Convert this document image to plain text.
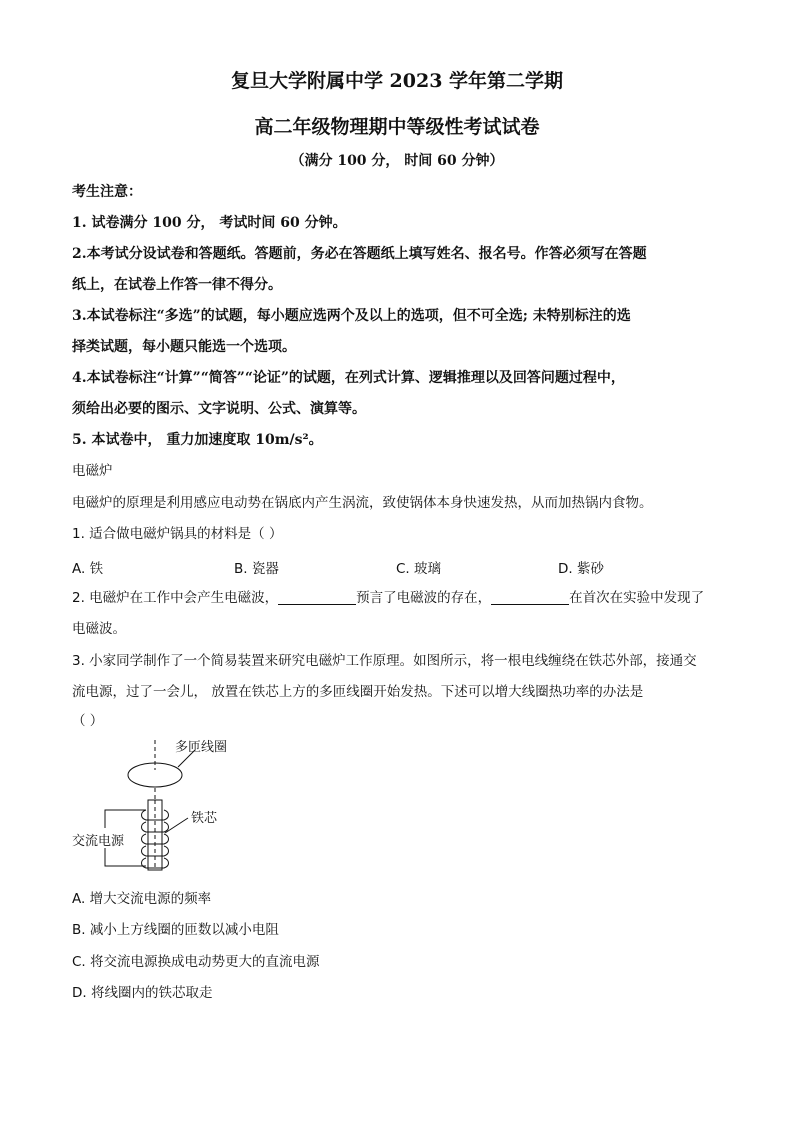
复旦大学附属中学 2023 学年第二学期
高二年级物理期中等级性考试试卷
（满分 100 分， 时间 60 分钟）
考生注意：
1. 试卷满分 100 分， 考试时间 60 分钟。
2.本考试分设试卷和答题纸。答题前，务必在答题纸上填写姓名、报名号。作答必须写在答题
纸上，在试卷上作答一律不得分。
3.本试卷标注“多选”的试题，每小题应选两个及以上的选项，但不可全选; 未特别标注的选
择类试题，每小题只能选一个选项。
4.本试卷标注“计算”“简答”“论证”的试题，在列式计算、逻辑推理以及回答问题过程中，
须给出必要的图示、文字说明、公式、演算等。
5. 本试卷中， 重力加速度取 10m/s²。
电磁炉
电磁炉的原理是利用感应电动势在锅底内产生涡流，致使锅体本身快速发热，从而加热锅内食物。
1. 适合做电磁炉锅具的材料是（ ）
A. 铁	B. 瓷器	C. 玻璃	D. 紫砂
2. 电磁炉在工作中会产生电磁波，	预言了电磁波的存在，	在首次在实验中发现了
电磁波。
3. 小家同学制作了一个简易装置来研究电磁炉工作原理。如图所示，将一根电线缠绕在铁芯外部，接通交
流电源，过了一会儿， 放置在铁芯上方的多匝线圈开始发热。下述可以增大线圈热功率的办法是
（ ）
多匝线圈
铁芯
交流电源
A. 增大交流电源的频率
B. 减小上方线圈的匝数以减小电阻
C. 将交流电源换成电动势更大的直流电源
D. 将线圈内的铁芯取走
